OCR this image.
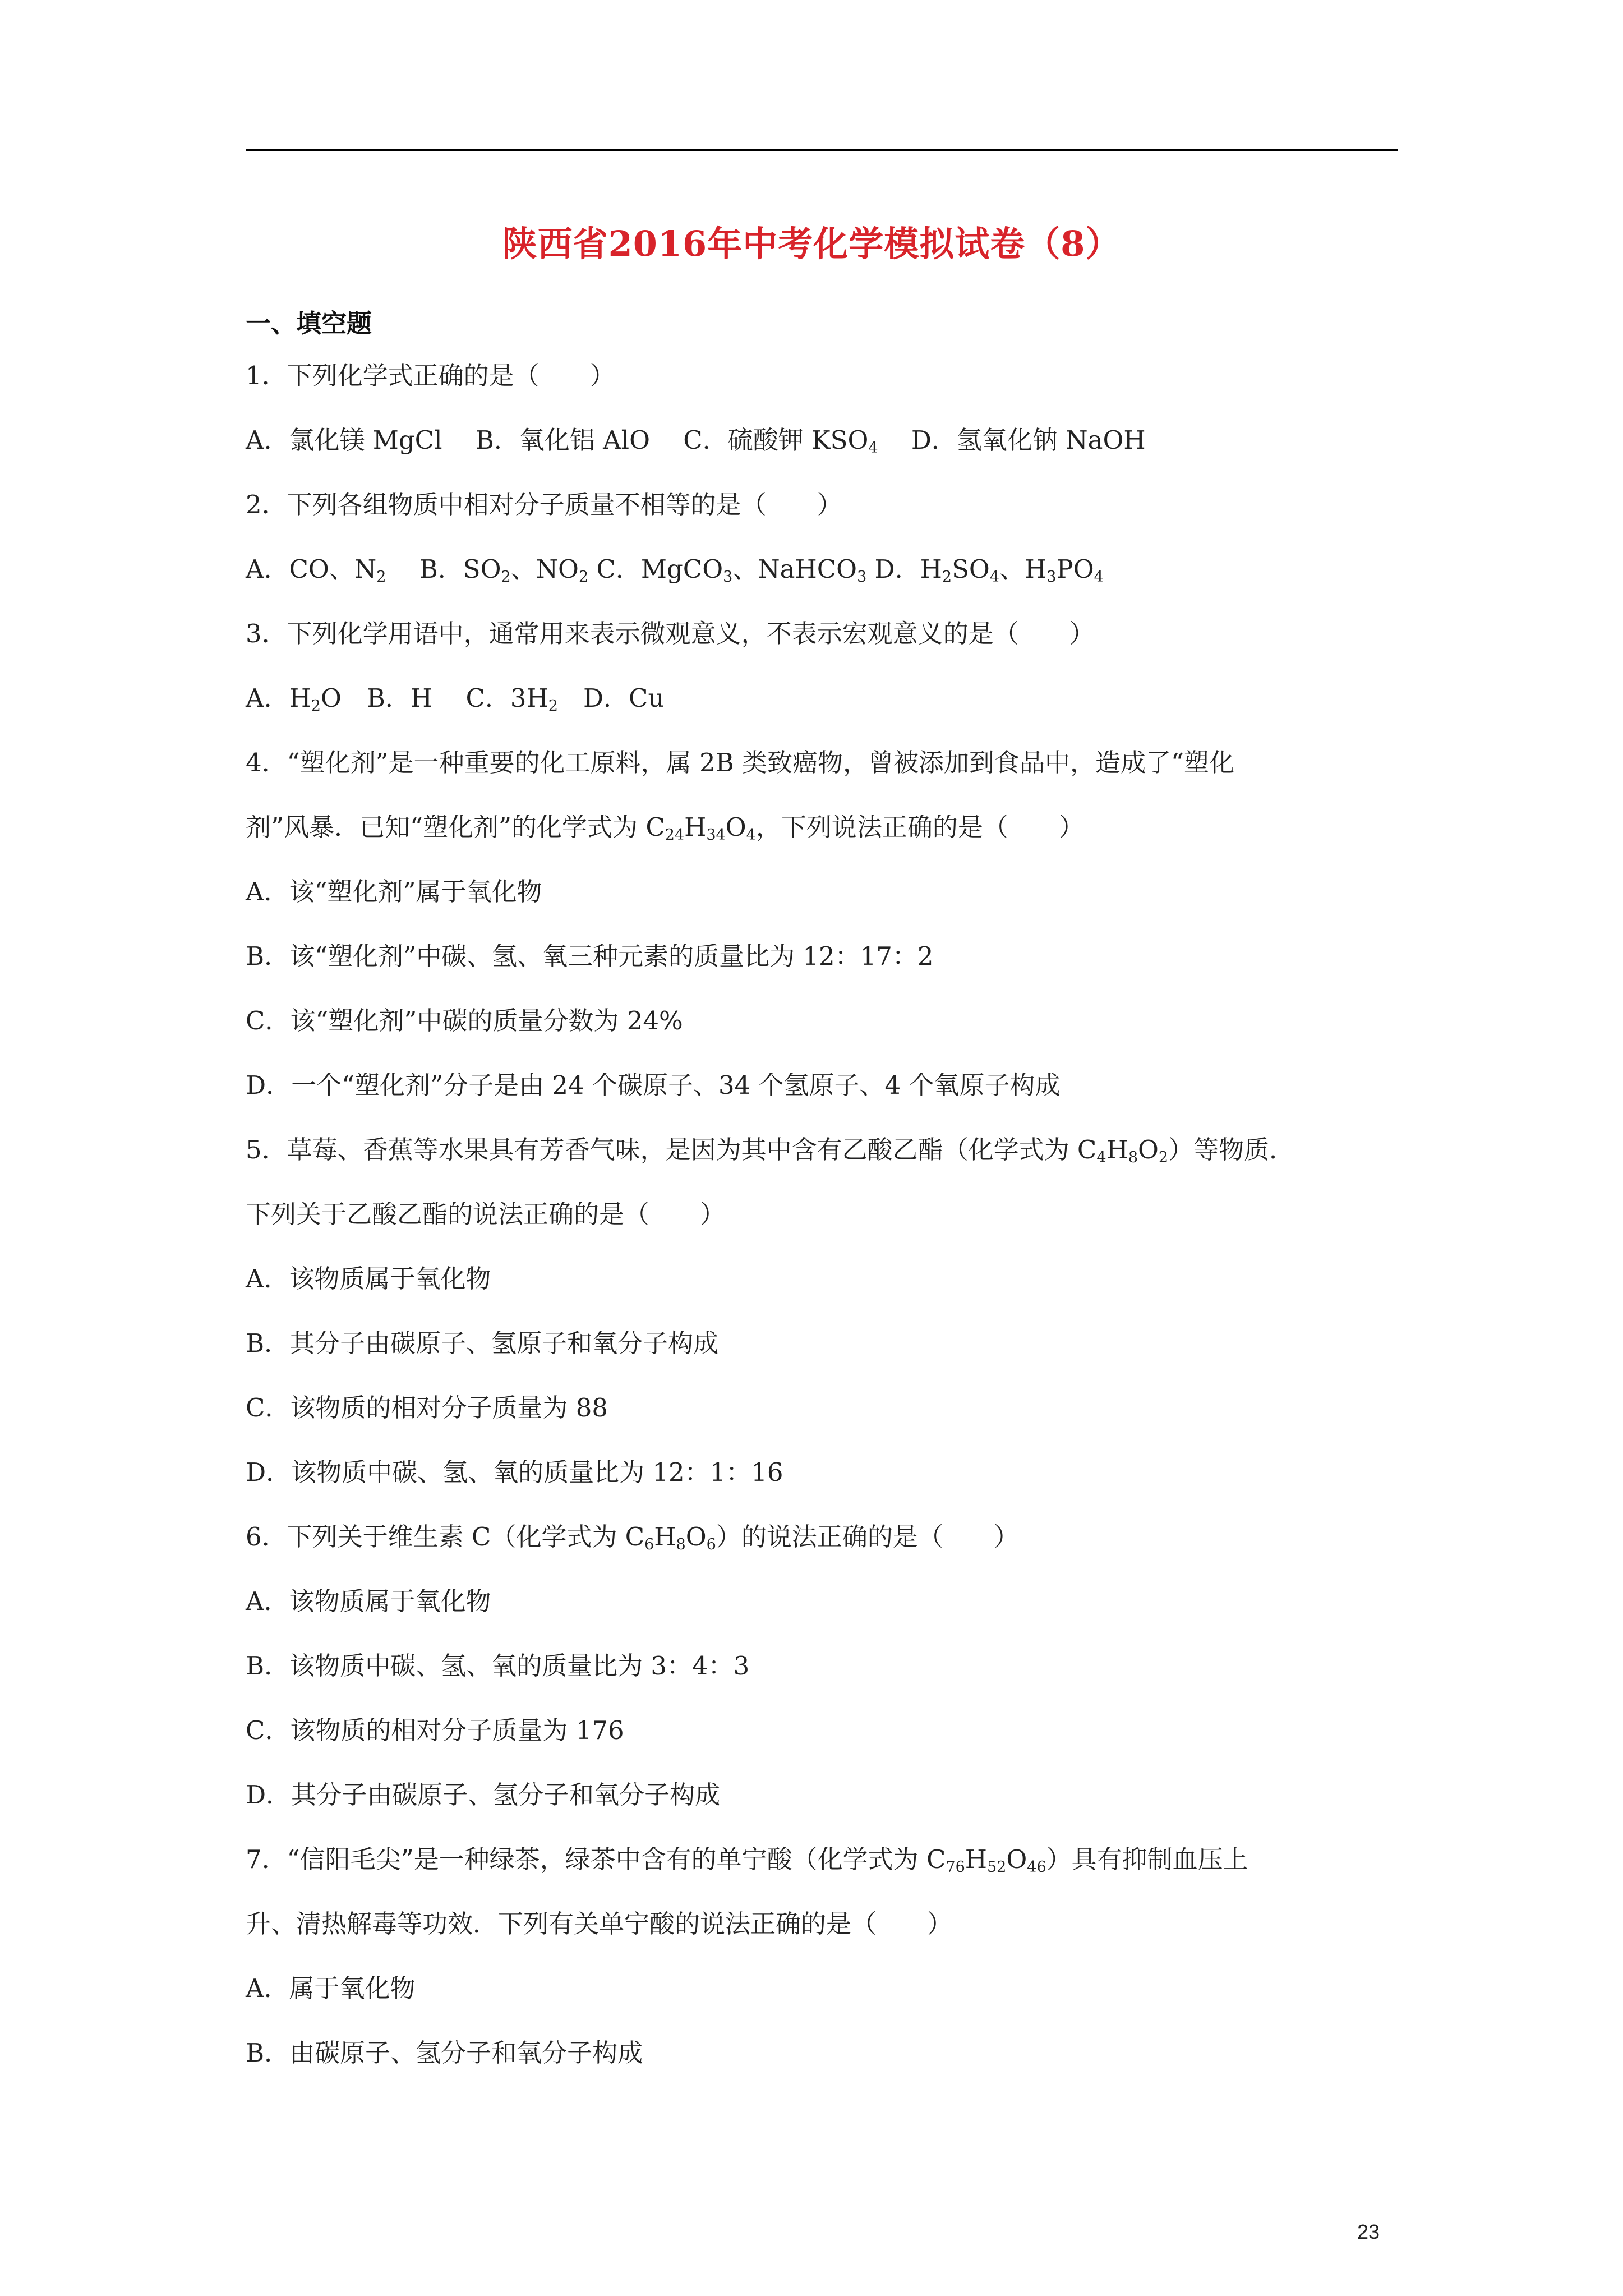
陕西省2016年中考化学模拟试卷（8）
一、填空题
1．下列化学式正确的是（　　）
A．氯化镁 MgCl　 B．氧化铝 AlO　 C．硫酸钾 $KSO_4$　 D．氢氧化钠 NaOH
2．下列各组物质中相对分子质量不相等的是（　　）
A．CO、$N_2$　 B．$SO_2$、$NO_2$ C．MgCO$_3$、NaHCO$_3$ D．$H_2SO_4$、$H_3PO_4$
3．下列化学用语中，通常用来表示微观意义，不表示宏观意义的是（　　）
A．$H_2O$　B．H　 C．$3H_2$　D．Cu
4．“塑化剂”是一种重要的化工原料，属 2B 类致癌物，曾被添加到食品中，造成了“塑化
剂”风暴．已知“塑化剂”的化学式为 $C_{24}H_{34}O_4$，下列说法正确的是（　　）
A．该“塑化剂”属于氧化物
B．该“塑化剂”中碳、氢、氧三种元素的质量比为 12：17：2
C．该“塑化剂”中碳的质量分数为 24%
D．一个“塑化剂”分子是由 24 个碳原子、34 个氢原子、4 个氧原子构成
5．草莓、香蕉等水果具有芳香气味，是因为其中含有乙酸乙酯（化学式为 $C_4H_8O_2$）等物质．
下列关于乙酸乙酯的说法正确的是（　　）
A．该物质属于氧化物
B．其分子由碳原子、氢原子和氧分子构成
C．该物质的相对分子质量为 88
D．该物质中碳、氢、氧的质量比为 12：1：16
6．下列关于维生素 C（化学式为 $C_6H_8O_6$）的说法正确的是（　　）
A．该物质属于氧化物
B．该物质中碳、氢、氧的质量比为 3：4：3
C．该物质的相对分子质量为 176
D．其分子由碳原子、氢分子和氧分子构成
7．“信阳毛尖”是一种绿茶，绿茶中含有的单宁酸（化学式为 $C_{76}H_{52}O_{46}$）具有抑制血压上
升、清热解毒等功效．下列有关单宁酸的说法正确的是（　　）
A．属于氧化物
B．由碳原子、氢分子和氧分子构成
23
